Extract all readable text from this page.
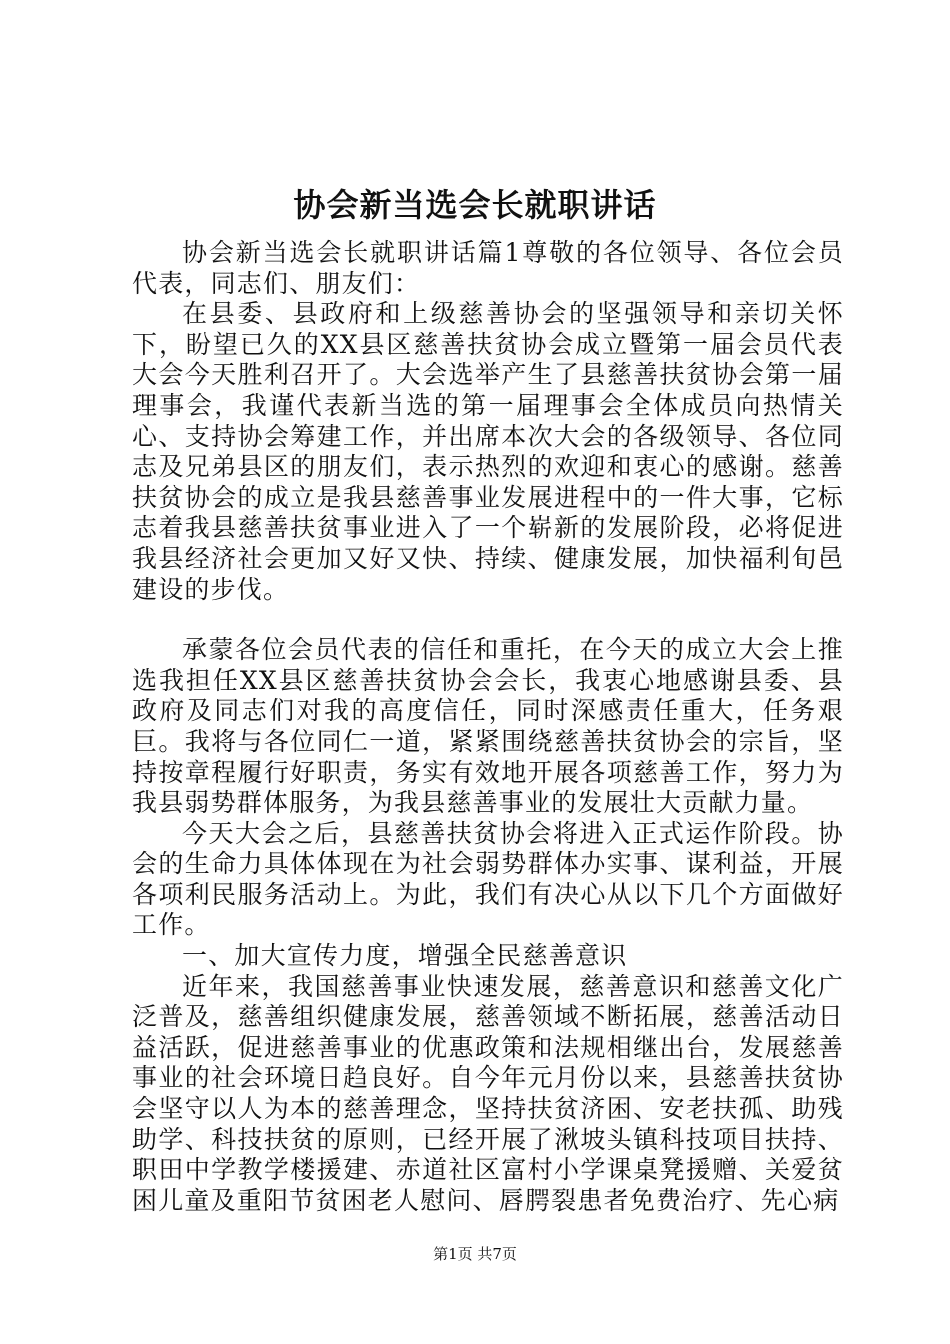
协会新当选会长就职讲话

协会新当选会长就职讲话篇1尊敬的各位领导、各位会员代表，同志们、朋友们：

在县委、县政府和上级慈善协会的坚强领导和亲切关怀下，盼望已久的XX县区慈善扶贫协会成立暨第一届会员代表大会今天胜利召开了。大会选举产生了县慈善扶贫协会第一届理事会，我谨代表新当选的第一届理事会全体成员向热情关心、支持协会筹建工作，并出席本次大会的各级领导、各位同志及兄弟县区的朋友们，表示热烈的欢迎和衷心的感谢。慈善扶贫协会的成立是我县慈善事业发展进程中的一件大事，它标志着我县慈善扶贫事业进入了一个崭新的发展阶段，必将促进我县经济社会更加又好又快、持续、健康发展，加快福利旬邑建设的步伐。

承蒙各位会员代表的信任和重托，在今天的成立大会上推选我担任XX县区慈善扶贫协会会长，我衷心地感谢县委、县政府及同志们对我的高度信任，同时深感责任重大，任务艰巨。我将与各位同仁一道，紧紧围绕慈善扶贫协会的宗旨，坚持按章程履行好职责，务实有效地开展各项慈善工作，努力为我县弱势群体服务，为我县慈善事业的发展壮大贡献力量。

今天大会之后，县慈善扶贫协会将进入正式运作阶段。协会的生命力具体体现在为社会弱势群体办实事、谋利益，开展各项利民服务活动上。为此，我们有决心从以下几个方面做好工作。

一、加大宣传力度，增强全民慈善意识

近年来，我国慈善事业快速发展，慈善意识和慈善文化广泛普及，慈善组织健康发展，慈善领域不断拓展，慈善活动日益活跃，促进慈善事业的优惠政策和法规相继出台，发展慈善事业的社会环境日趋良好。自今年元月份以来，县慈善扶贫协会坚守以人为本的慈善理念，坚持扶贫济困、安老扶孤、助残助学、科技扶贫的原则，已经开展了湫坡头镇科技项目扶持、职田中学教学楼援建、赤道社区富村小学课桌凳援赠、关爱贫困儿童及重阳节贫困老人慰问、唇腭裂患者免费治疗、先心病

第1页 共7页
